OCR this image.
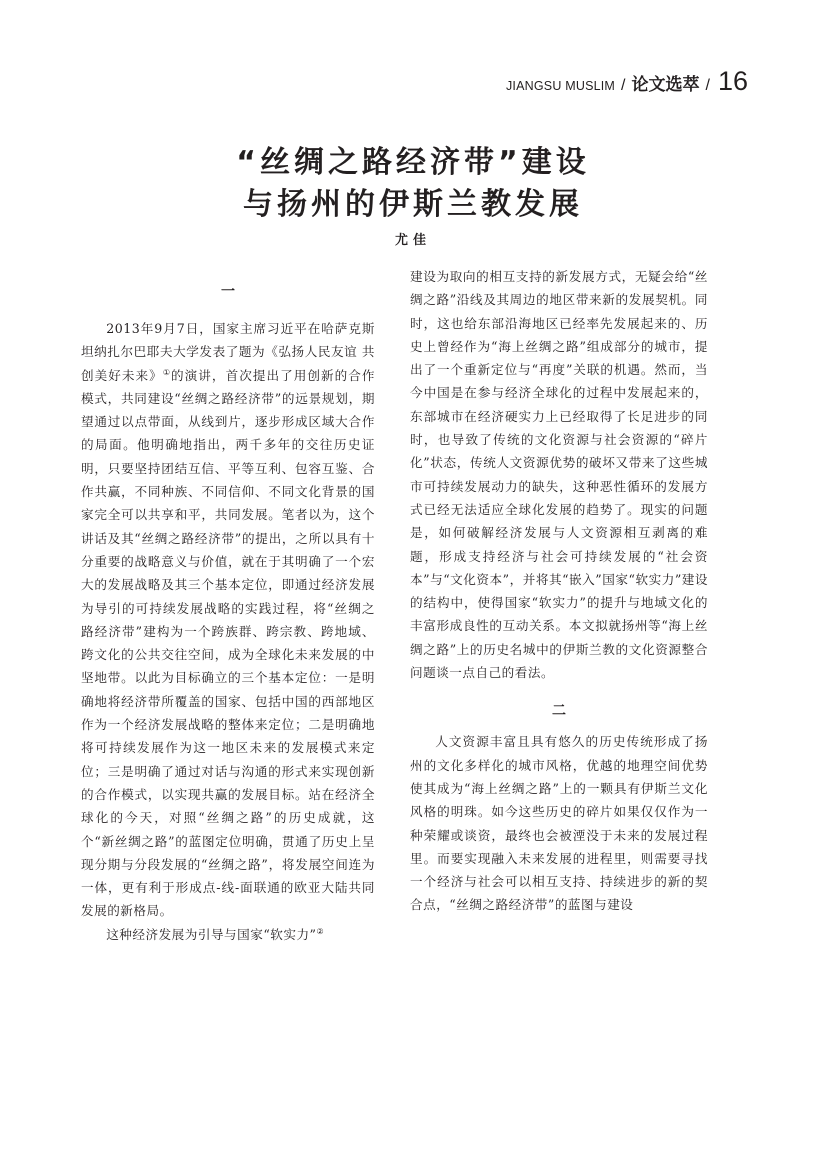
JIANGSU MUSLIM / 论文选萃 / 16
“丝绸之路经济带”建设
与扬州的伊斯兰教发展
尤佳
一

2013年9月7日，国家主席习近平在哈萨克斯坦纳扎尔巴耶夫大学发表了题为《弘扬人民友谊 共创美好未来》①的演讲，首次提出了用创新的合作模式，共同建设“丝绸之路经济带”的远景规划，期望通过以点带面，从线到片，逐步形成区域大合作的局面。他明确地指出，两千多年的交往历史证明，只要坚持团结互信、平等互利、包容互鉴、合作共赢，不同种族、不同信仰、不同文化背景的国家完全可以共享和平，共同发展。笔者以为，这个讲话及其“丝绸之路经济带”的提出，之所以具有十分重要的战略意义与价值，就在于其明确了一个宏大的发展战略及其三个基本定位，即通过经济发展为导引的可持续发展战略的实践过程，将“丝绸之路经济带”建构为一个跨族群、跨宗教、跨地域、跨文化的公共交往空间，成为全球化未来发展的中坚地带。以此为目标确立的三个基本定位：一是明确地将经济带所覆盖的国家、包括中国的西部地区作为一个经济发展战略的整体来定位；二是明确地将可持续发展作为这一地区未来的发展模式来定位；三是明确了通过对话与沟通的形式来实现创新的合作模式，以实现共赢的发展目标。站在经济全球化的今天，对照“丝绸之路”的历史成就，这个“新丝绸之路”的蓝图定位明确，贯通了历史上呈现分期与分段发展的“丝绸之路”，将发展空间连为一体，更有利于形成点-线-面联通的欧亚大陆共同发展的新格局。

这种经济发展为引导与国家“软实力”②

建设为取向的相互支持的新发展方式，无疑会给“丝绸之路”沿线及其周边的地区带来新的发展契机。同时，这也给东部沿海地区已经率先发展起来的、历史上曾经作为“海上丝绸之路”组成部分的城市，提出了一个重新定位与“再度”关联的机遇。然而，当今中国是在参与经济全球化的过程中发展起来的，东部城市在经济硬实力上已经取得了长足进步的同时，也导致了传统的文化资源与社会资源的“碎片化”状态，传统人文资源优势的破坏又带来了这些城市可持续发展动力的缺失，这种恶性循环的发展方式已经无法适应全球化发展的趋势了。现实的问题是，如何破解经济发展与人文资源相互剥离的难题，形成支持经济与社会可持续发展的“社会资本”与“文化资本”，并将其“嵌入”国家“软实力”建设的结构中，使得国家“软实力”的提升与地域文化的丰富形成良性的互动关系。本文拟就扬州等“海上丝绸之路”上的历史名城中的伊斯兰教的文化资源整合问题谈一点自己的看法。

二

人文资源丰富且具有悠久的历史传统形成了扬州的文化多样化的城市风格，优越的地理空间优势使其成为“海上丝绸之路”上的一颗具有伊斯兰文化风格的明珠。如今这些历史的碎片如果仅仅作为一种荣耀或谈资，最终也会被湮没于未来的发展过程里。而要实现融入未来发展的进程里，则需要寻找一个经济与社会可以相互支持、持续进步的新的契合点，“丝绸之路经济带”的蓝图与建设
